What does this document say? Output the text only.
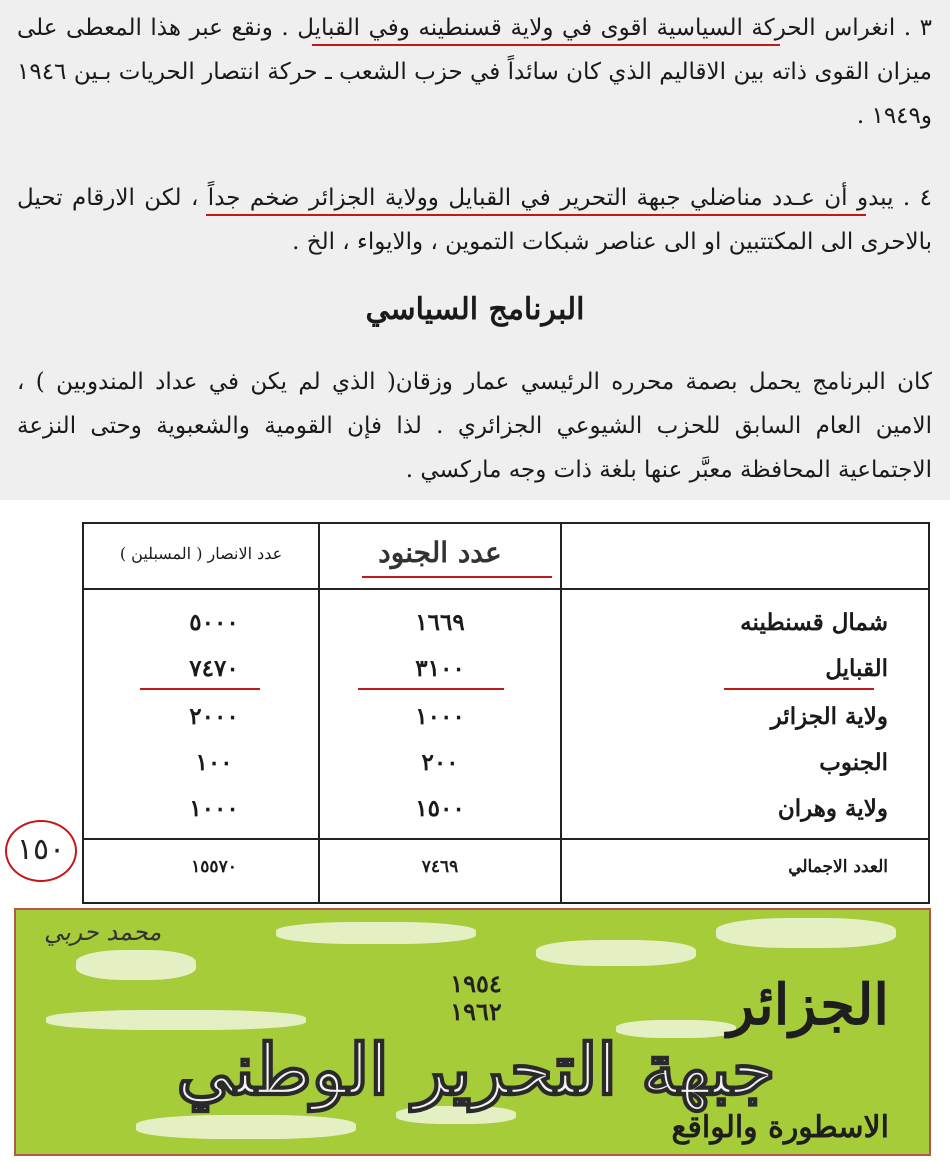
٣ . انغراس الحركة السياسية اقوى في ولاية قسنطينه وفي القبايل . ونقع عبر هذا المعطى على ميزان القوى ذاته بين الاقاليم الذي كان سائداً في حزب الشعب ـ حركة انتصار الحريات بـين ١٩٤٦ و١٩٤٩ .

٤ . يبدو أن عـدد مناضلي جبهة التحرير في القبايل وولاية الجزائر ضخم جداً ، لكن الارقام تحيل بالاحرى الى المكتتبين او الى عناصر شبكات التموين ، والايواء ، الخ .

البرنامج السياسي

كان البرنامج يحمل بصمة محرره الرئيسي عمار وزقان( الذي لم يكن في عداد المندوبين ) ، الامين العام السابق للحزب الشيوعي الجزائري . لذا فإن القومية والشعبوية وحتى النزعة الاجتماعية المحافظة معبَّر عنها بلغة ذات وجه ماركسي .

عدد الانصار ( المسبلين )	عدد الجنود
شمال قسنطينه
١٦٦٩
٥٠٠٠
القبايل
٣١٠٠
٧٤٧٠
ولاية الجزائر
١٠٠٠
٢٠٠٠
الجنوب
٢٠٠
١٠٠
ولاية وهران
١٥٠٠
١٠٠٠
العدد الاجمالي
٧٤٦٩
١٥٥٧٠
١٥٠
محمد حربي
١٩٥٤
١٩٦٢	الجزائر
جبهة التحرير الوطني
الاسطورة والواقع
